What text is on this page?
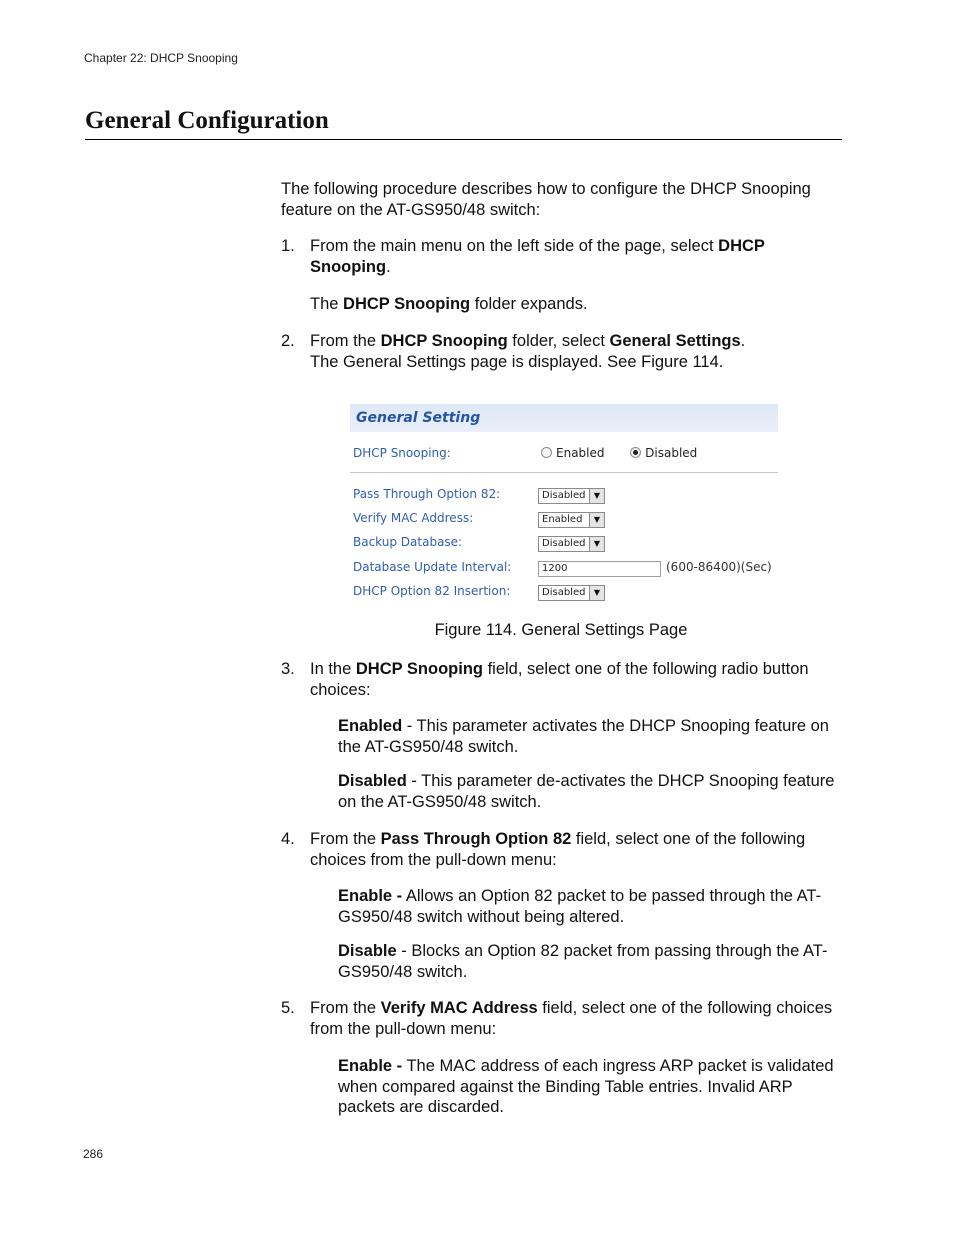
Chapter 22: DHCP Snooping
General Configuration

The following procedure describes how to configure the DHCP Snooping feature on the AT-GS950/48 switch:

1. From the main menu on the left side of the page, select DHCP Snooping.
The DHCP Snooping folder expands.
2. From the DHCP Snooping folder, select General Settings.
The General Settings page is displayed. See Figure 114.
General Setting
DHCP Snooping:	Enabled	Disabled
Pass Through Option 82:	Disabled	▼
Verify MAC Address:	Enabled	▼
Backup Database:	Disabled	▼
Database Update Interval:	1200	(600-86400)(Sec)
DHCP Option 82 Insertion:	Disabled	▼
Figure 114. General Settings Page
3. In the DHCP Snooping field, select one of the following radio button choices:
Enabled - This parameter activates the DHCP Snooping feature on the AT-GS950/48 switch.
Disabled - This parameter de-activates the DHCP Snooping feature on the AT-GS950/48 switch.
4. From the Pass Through Option 82 field, select one of the following choices from the pull-down menu:
Enable - Allows an Option 82 packet to be passed through the AT-GS950/48 switch without being altered.
Disable - Blocks an Option 82 packet from passing through the AT-GS950/48 switch.
5. From the Verify MAC Address field, select one of the following choices from the pull-down menu:
Enable - The MAC address of each ingress ARP packet is validated when compared against the Binding Table entries. Invalid ARP packets are discarded.
286
